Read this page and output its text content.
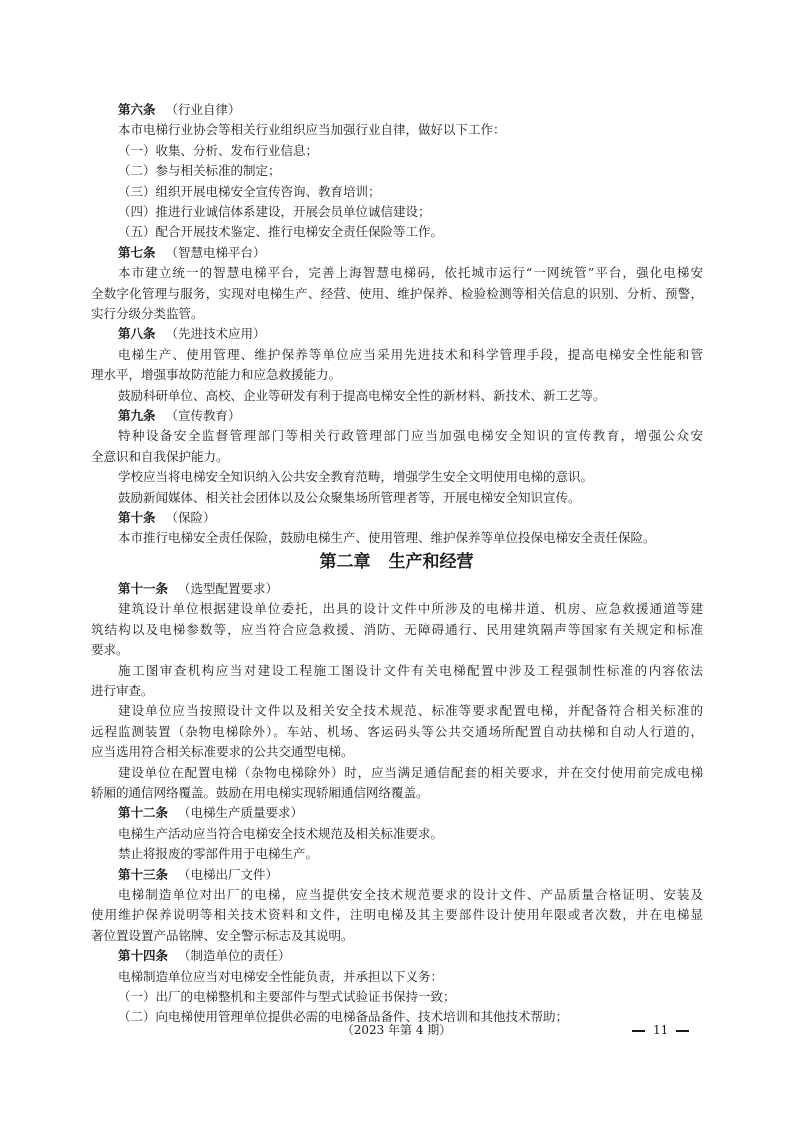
第六条 （行业自律）
本市电梯行业协会等相关行业组织应当加强行业自律，做好以下工作：
（一）收集、分析、发布行业信息；
（二）参与相关标准的制定；
（三）组织开展电梯安全宣传咨询、教育培训；
（四）推进行业诚信体系建设，开展会员单位诚信建设；
（五）配合开展技术鉴定、推行电梯安全责任保险等工作。
第七条 （智慧电梯平台）
本市建立统一的智慧电梯平台，完善上海智慧电梯码，依托城市运行“一网统管”平台，强化电梯安
全数字化管理与服务，实现对电梯生产、经营、使用、维护保养、检验检测等相关信息的识别、分析、预警，
实行分级分类监管。
第八条 （先进技术应用）
电梯生产、使用管理、维护保养等单位应当采用先进技术和科学管理手段，提高电梯安全性能和管
理水平，增强事故防范能力和应急救援能力。
鼓励科研单位、高校、企业等研发有利于提高电梯安全性的新材料、新技术、新工艺等。
第九条 （宣传教育）
特种设备安全监督管理部门等相关行政管理部门应当加强电梯安全知识的宣传教育，增强公众安
全意识和自我保护能力。
学校应当将电梯安全知识纳入公共安全教育范畴，增强学生安全文明使用电梯的意识。
鼓励新闻媒体、相关社会团体以及公众聚集场所管理者等，开展电梯安全知识宣传。
第十条 （保险）
本市推行电梯安全责任保险，鼓励电梯生产、使用管理、维护保养等单位投保电梯安全责任保险。
第二章 生产和经营
第十一条 （选型配置要求）
建筑设计单位根据建设单位委托，出具的设计文件中所涉及的电梯井道、机房、应急救援通道等建
筑结构以及电梯参数等，应当符合应急救援、消防、无障碍通行、民用建筑隔声等国家有关规定和标准
要求。
施工图审查机构应当对建设工程施工图设计文件有关电梯配置中涉及工程强制性标准的内容依法
进行审查。
建设单位应当按照设计文件以及相关安全技术规范、标准等要求配置电梯，并配备符合相关标准的
远程监测装置（杂物电梯除外）。车站、机场、客运码头等公共交通场所配置自动扶梯和自动人行道的，
应当选用符合相关标准要求的公共交通型电梯。
建设单位在配置电梯（杂物电梯除外）时，应当满足通信配套的相关要求，并在交付使用前完成电梯
轿厢的通信网络覆盖。鼓励在用电梯实现轿厢通信网络覆盖。
第十二条 （电梯生产质量要求）
电梯生产活动应当符合电梯安全技术规范及相关标准要求。
禁止将报废的零部件用于电梯生产。
第十三条 （电梯出厂文件）
电梯制造单位对出厂的电梯，应当提供安全技术规范要求的设计文件、产品质量合格证明、安装及
使用维护保养说明等相关技术资料和文件，注明电梯及其主要部件设计使用年限或者次数，并在电梯显
著位置设置产品铭牌、安全警示标志及其说明。
第十四条 （制造单位的责任）
电梯制造单位应当对电梯安全性能负责，并承担以下义务：
（一）出厂的电梯整机和主要部件与型式试验证书保持一致；
（二）向电梯使用管理单位提供必需的电梯备品备件、技术培训和其他技术帮助；
（2023 年第 4 期）	11
